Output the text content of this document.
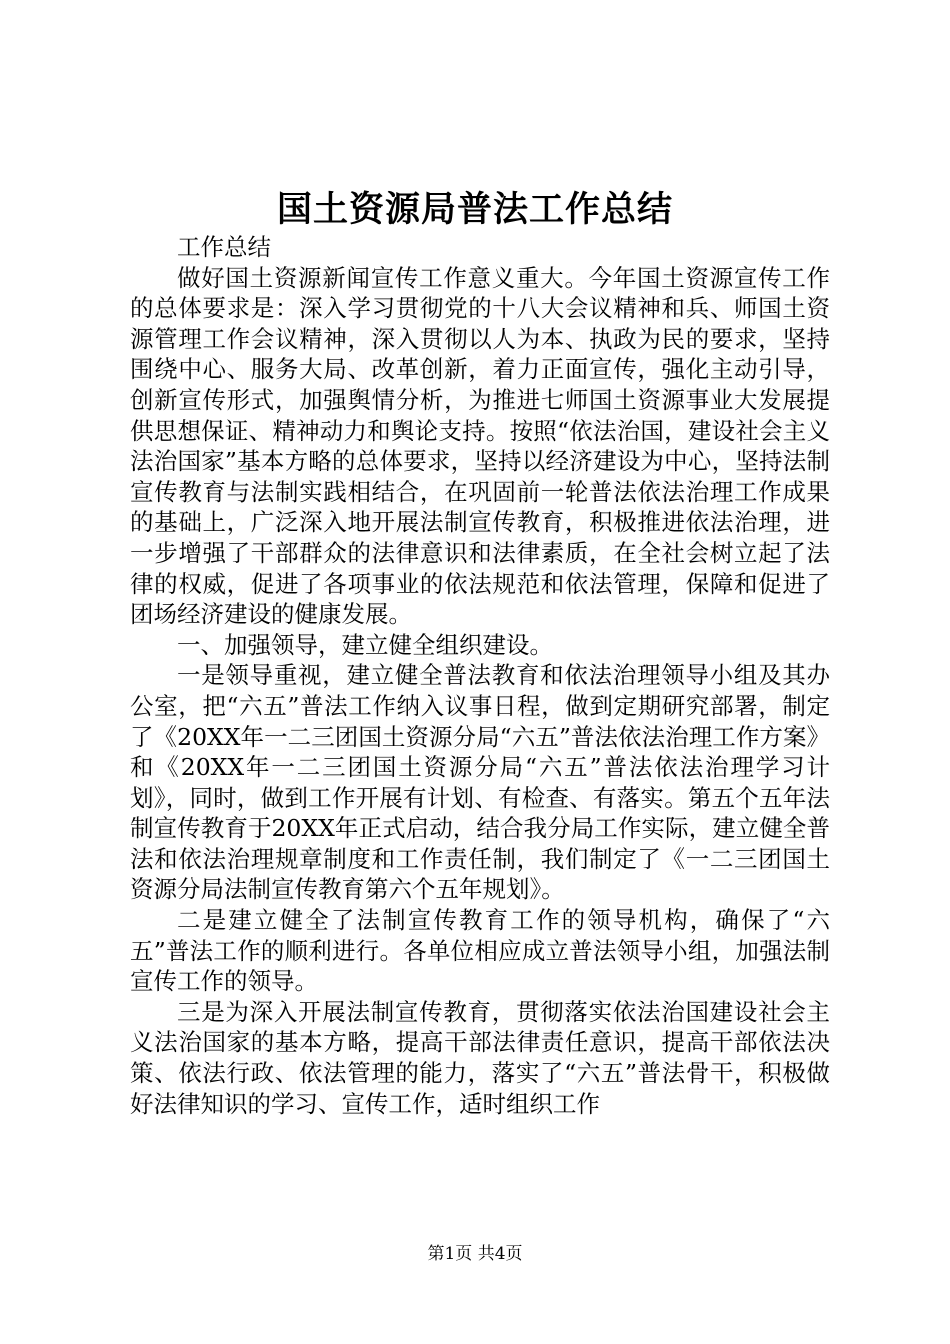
国土资源局普法工作总结

工作总结

做好国土资源新闻宣传工作意义重大。今年国土资源宣传工作的总体要求是：深入学习贯彻党的十八大会议精神和兵、师国土资源管理工作会议精神，深入贯彻以人为本、执政为民的要求，坚持围绕中心、服务大局、改革创新，着力正面宣传，强化主动引导，创新宣传形式，加强舆情分析，为推进七师国土资源事业大发展提供思想保证、精神动力和舆论支持。按照“依法治国，建设社会主义法治国家”基本方略的总体要求，坚持以经济建设为中心，坚持法制宣传教育与法制实践相结合，在巩固前一轮普法依法治理工作成果的基础上，广泛深入地开展法制宣传教育，积极推进依法治理，进一步增强了干部群众的法律意识和法律素质，在全社会树立起了法律的权威，促进了各项事业的依法规范和依法管理，保障和促进了团场经济建设的健康发展。

一、加强领导，建立健全组织建设。

一是领导重视，建立健全普法教育和依法治理领导小组及其办公室，把“六五”普法工作纳入议事日程，做到定期研究部署，制定了《20XX年一二三团国土资源分局“六五”普法依法治理工作方案》和《20XX年一二三团国土资源分局“六五”普法依法治理学习计划》，同时，做到工作开展有计划、有检查、有落实。第五个五年法制宣传教育于20XX年正式启动，结合我分局工作实际，建立健全普法和依法治理规章制度和工作责任制，我们制定了《一二三团国土资源分局法制宣传教育第六个五年规划》。

二是建立健全了法制宣传教育工作的领导机构，确保了“六五”普法工作的顺利进行。各单位相应成立普法领导小组，加强法制宣传工作的领导。

三是为深入开展法制宣传教育，贯彻落实依法治国建设社会主义法治国家的基本方略，提高干部法律责任意识，提高干部依法决策、依法行政、依法管理的能力，落实了“六五”普法骨干，积极做好法律知识的学习、宣传工作，适时组织工作

第1页 共4页
